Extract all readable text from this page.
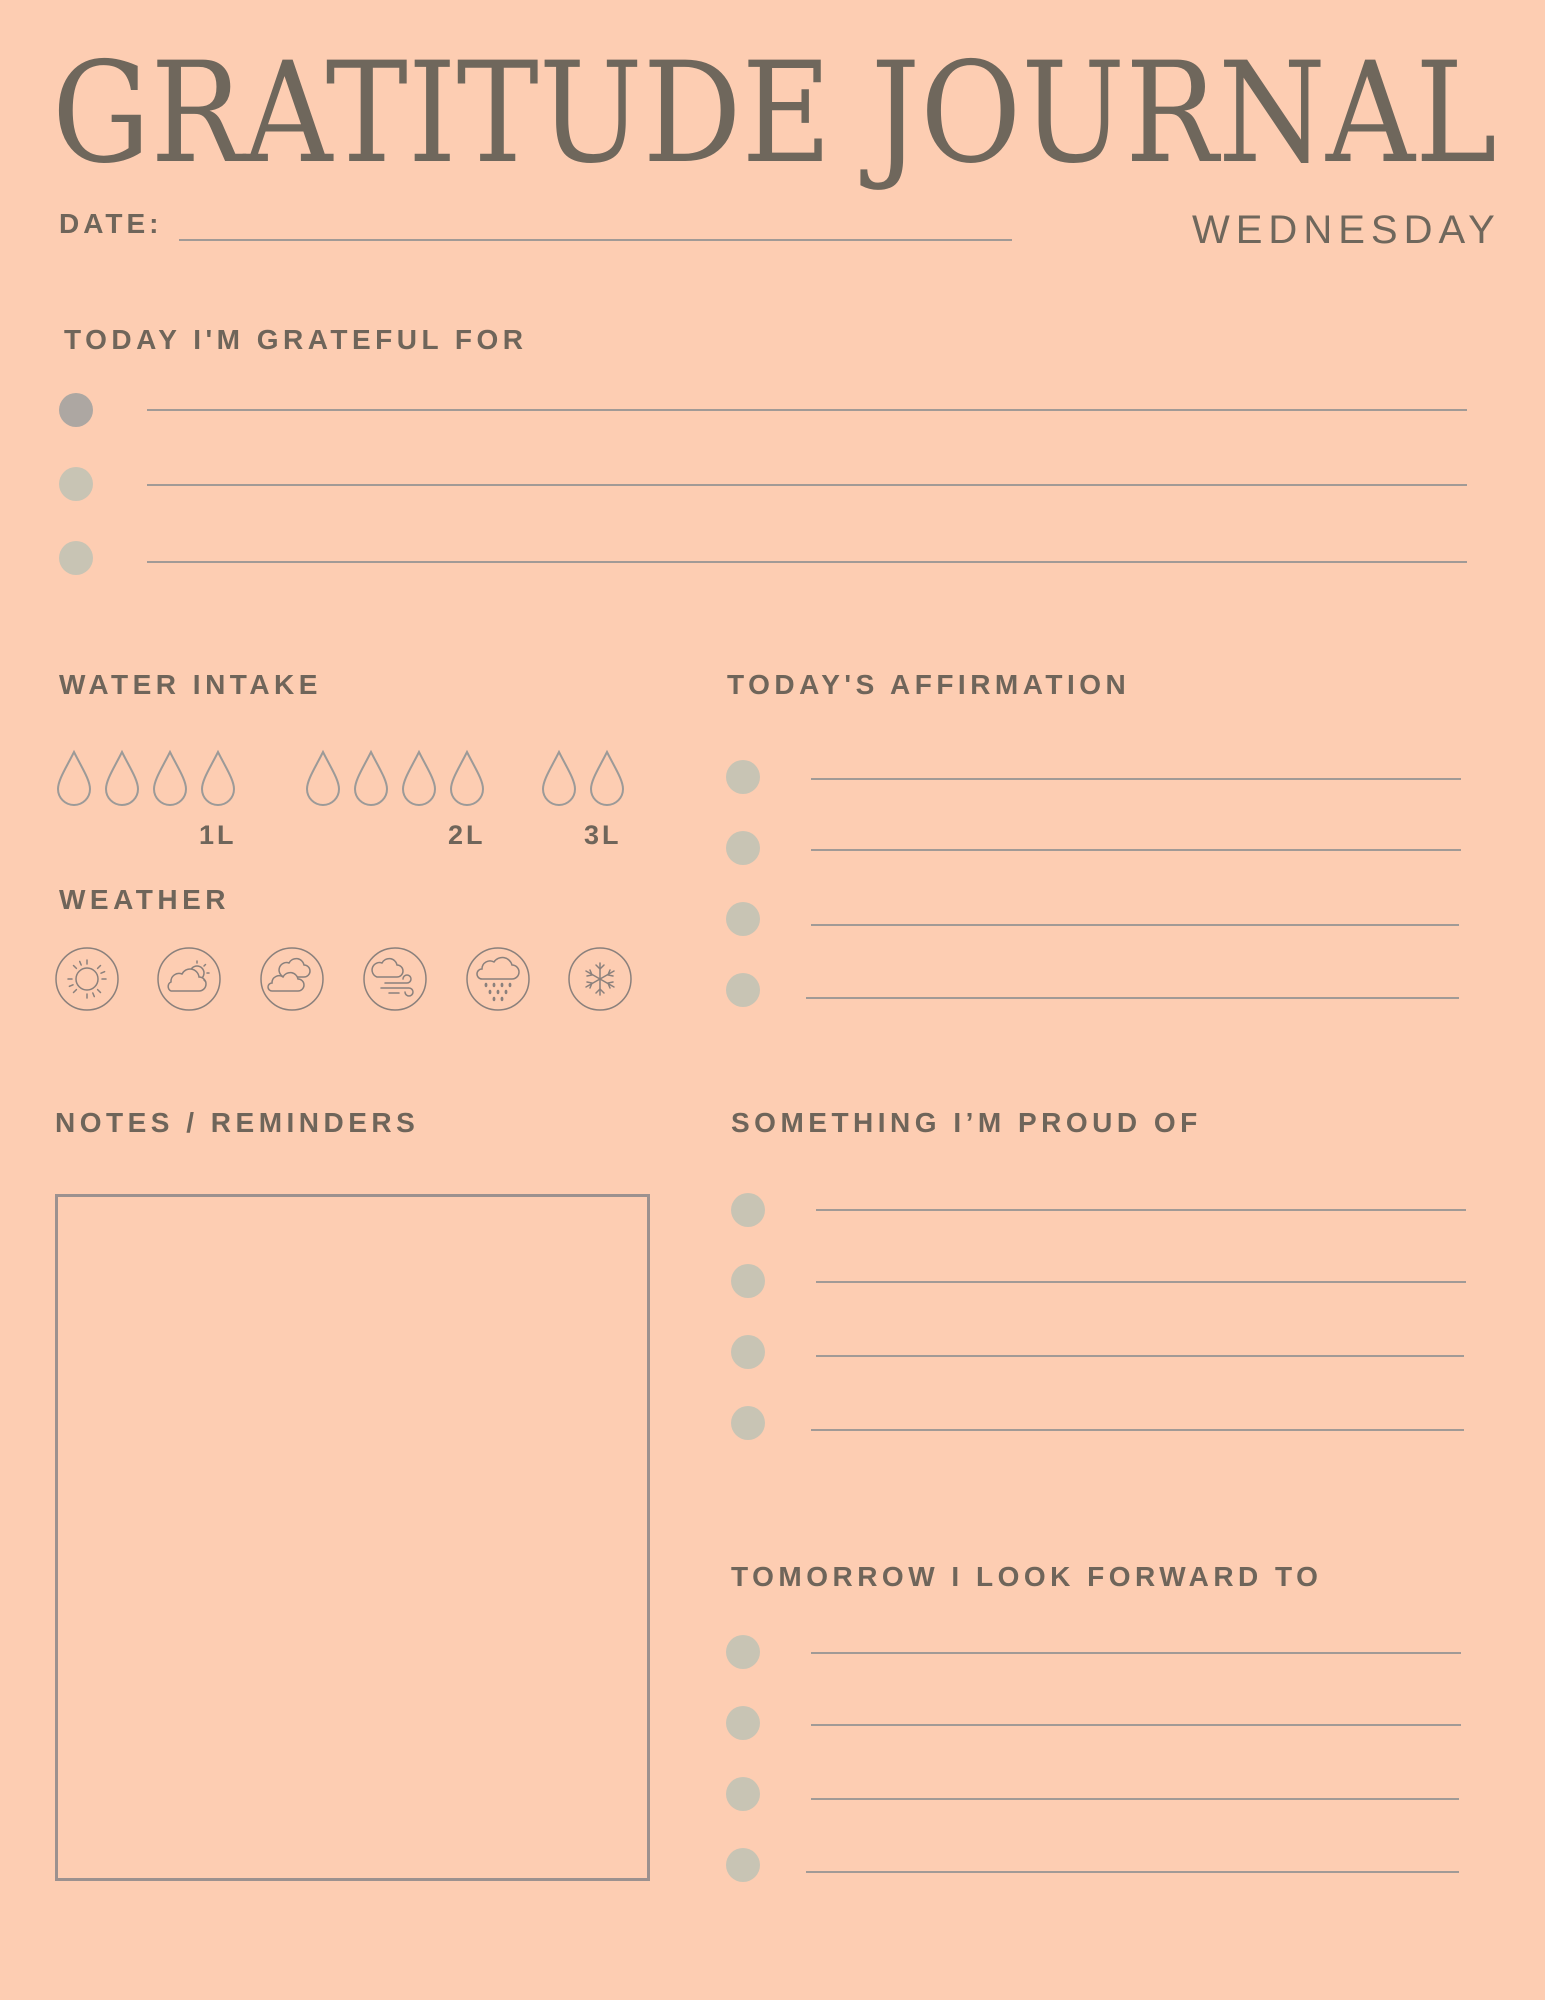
GRATITUDE JOURNAL
DATE:	WEDNESDAY
TODAY I'M GRATEFUL FOR
WATER INTAKE
1L	2L	3L
WEATHER
TODAY'S AFFIRMATION
NOTES / REMINDERS	SOMETHING I’M PROUD OF
TOMORROW I LOOK FORWARD TO
